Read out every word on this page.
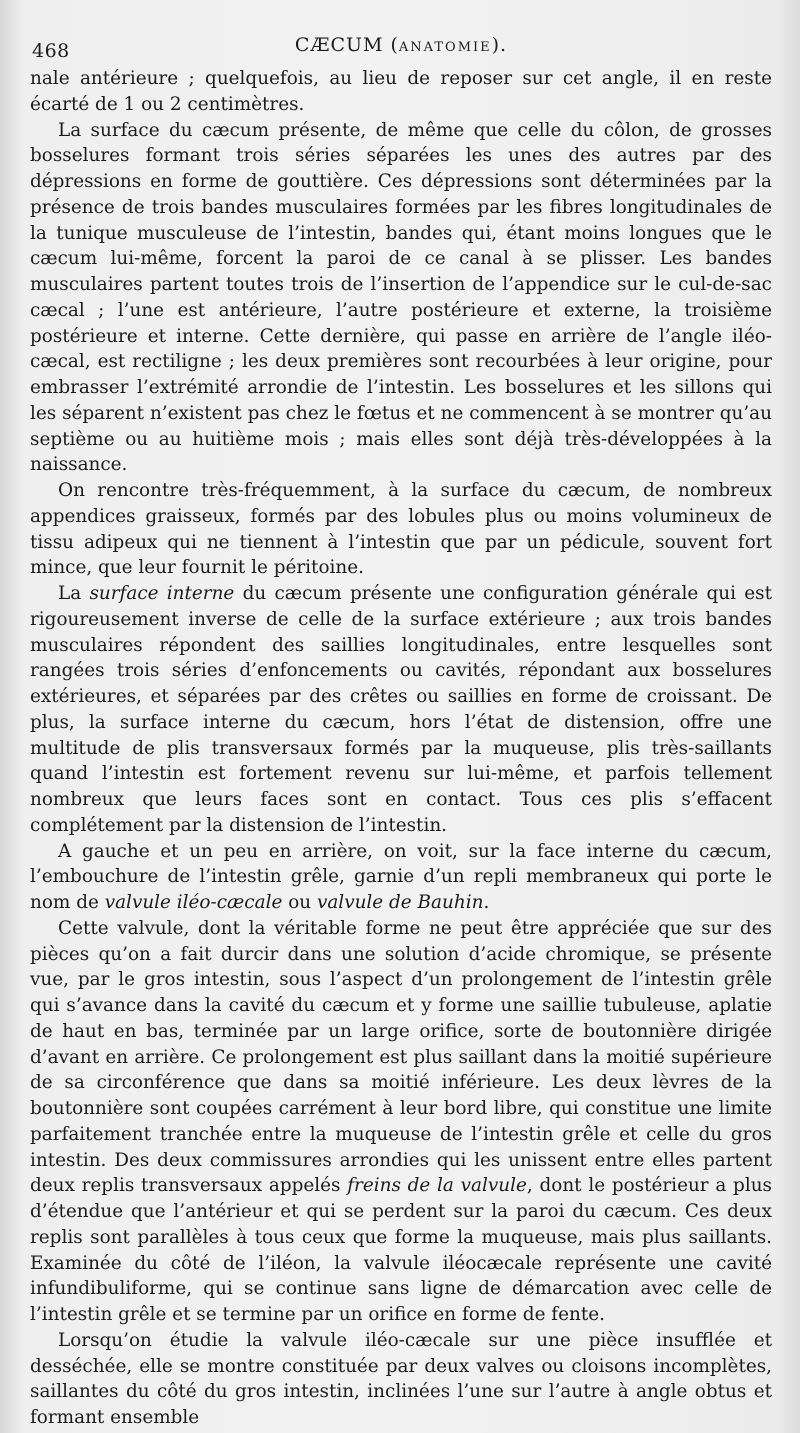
468	CÆCUM (ANATOMIE).

nale antérieure ; quelquefois, au lieu de reposer sur cet angle, il en reste écarté de 1 ou 2 centimètres.

La surface du cæcum présente, de même que celle du côlon, de grosses bosselures formant trois séries séparées les unes des autres par des dépressions en forme de gouttière. Ces dépressions sont déterminées par la présence de trois bandes musculaires formées par les fibres longitudinales de la tunique musculeuse de l’intestin, bandes qui, étant moins longues que le cæcum lui-même, forcent la paroi de ce canal à se plisser. Les bandes musculaires partent toutes trois de l’insertion de l’appendice sur le cul-de-sac cæcal ; l’une est antérieure, l’autre postérieure et externe, la troisième postérieure et interne. Cette dernière, qui passe en arrière de l’angle iléo-cæcal, est rectiligne ; les deux premières sont recourbées à leur origine, pour embrasser l’extrémité arrondie de l’intestin. Les bosselures et les sillons qui les séparent n’existent pas chez le fœtus et ne commencent à se montrer qu’au septième ou au huitième mois ; mais elles sont déjà très-développées à la naissance.

On rencontre très-fréquemment, à la surface du cæcum, de nombreux appendices graisseux, formés par des lobules plus ou moins volumineux de tissu adipeux qui ne tiennent à l’intestin que par un pédicule, souvent fort mince, que leur fournit le péritoine.

La surface interne du cæcum présente une configuration générale qui est rigoureusement inverse de celle de la surface extérieure ; aux trois bandes musculaires répondent des saillies longitudinales, entre lesquelles sont rangées trois séries d’enfoncements ou cavités, répondant aux bosselures extérieures, et séparées par des crêtes ou saillies en forme de croissant. De plus, la surface interne du cæcum, hors l’état de distension, offre une multitude de plis transversaux formés par la muqueuse, plis très-saillants quand l’intestin est fortement revenu sur lui-même, et parfois tellement nombreux que leurs faces sont en contact. Tous ces plis s’effacent complétement par la distension de l’intestin.

A gauche et un peu en arrière, on voit, sur la face interne du cæcum, l’embouchure de l’intestin grêle, garnie d’un repli membraneux qui porte le nom de valvule iléo-cæcale ou valvule de Bauhin.

Cette valvule, dont la véritable forme ne peut être appréciée que sur des pièces qu’on a fait durcir dans une solution d’acide chromique, se présente vue, par le gros intestin, sous l’aspect d’un prolongement de l’intestin grêle qui s’avance dans la cavité du cæcum et y forme une saillie tubuleuse, aplatie de haut en bas, terminée par un large orifice, sorte de boutonnière dirigée d’avant en arrière. Ce prolongement est plus saillant dans la moitié supérieure de sa circonférence que dans sa moitié inférieure. Les deux lèvres de la boutonnière sont coupées carrément à leur bord libre, qui constitue une limite parfaitement tranchée entre la muqueuse de l’intestin grêle et celle du gros intestin. Des deux commissures arrondies qui les unissent entre elles partent deux replis transversaux appelés freins de la valvule, dont le postérieur a plus d’étendue que l’antérieur et qui se perdent sur la paroi du cæcum. Ces deux replis sont parallèles à tous ceux que forme la muqueuse, mais plus saillants. Examinée du côté de l’iléon, la valvule iléocæcale représente une cavité infundibuliforme, qui se continue sans ligne de démarcation avec celle de l’intestin grêle et se termine par un orifice en forme de fente.

Lorsqu’on étudie la valvule iléo-cæcale sur une pièce insufflée et desséchée, elle se montre constituée par deux valves ou cloisons incomplètes, saillantes du côté du gros intestin, inclinées l’une sur l’autre à angle obtus et formant ensemble
